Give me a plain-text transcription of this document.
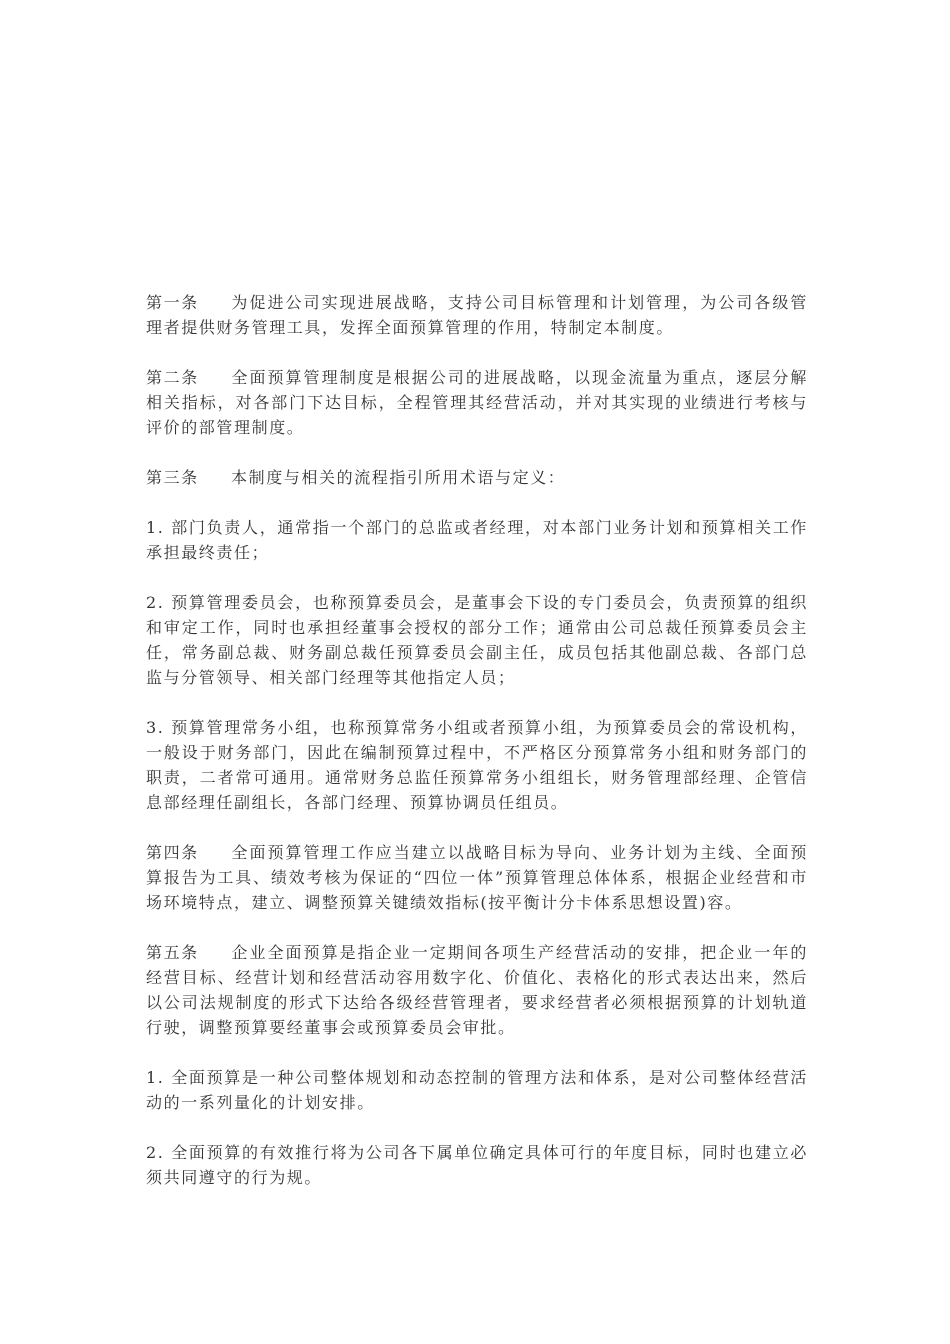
第一条 为促进公司实现进展战略，支持公司目标管理和计划管理，为公司各级管理者提供财务管理工具，发挥全面预算管理的作用，特制定本制度。

第二条 全面预算管理制度是根据公司的进展战略，以现金流量为重点，逐层分解相关指标，对各部门下达目标，全程管理其经营活动，并对其实现的业绩进行考核与评价的部管理制度。

第三条 本制度与相关的流程指引所用术语与定义：

1. 部门负责人，通常指一个部门的总监或者经理，对本部门业务计划和预算相关工作承担最终责任；

2. 预算管理委员会，也称预算委员会，是董事会下设的专门委员会，负责预算的组织和审定工作，同时也承担经董事会授权的部分工作；通常由公司总裁任预算委员会主任，常务副总裁、财务副总裁任预算委员会副主任，成员包括其他副总裁、各部门总监与分管领导、相关部门经理等其他指定人员；

3. 预算管理常务小组，也称预算常务小组或者预算小组，为预算委员会的常设机构，一般设于财务部门，因此在编制预算过程中，不严格区分预算常务小组和财务部门的职责，二者常可通用。通常财务总监任预算常务小组组长，财务管理部经理、企管信息部经理任副组长，各部门经理、预算协调员任组员。

第四条 全面预算管理工作应当建立以战略目标为导向、业务计划为主线、全面预算报告为工具、绩效考核为保证的“四位一体”预算管理总体体系，根据企业经营和市场环境特点，建立、调整预算关键绩效指标(按平衡计分卡体系思想设置)容。

第五条 企业全面预算是指企业一定期间各项生产经营活动的安排，把企业一年的经营目标、经营计划和经营活动容用数字化、价值化、表格化的形式表达出来，然后以公司法规制度的形式下达给各级经营管理者，要求经营者必须根据预算的计划轨道行驶，调整预算要经董事会或预算委员会审批。

1. 全面预算是一种公司整体规划和动态控制的管理方法和体系，是对公司整体经营活动的一系列量化的计划安排。

2. 全面预算的有效推行将为公司各下属单位确定具体可行的年度目标，同时也建立必须共同遵守的行为规。
